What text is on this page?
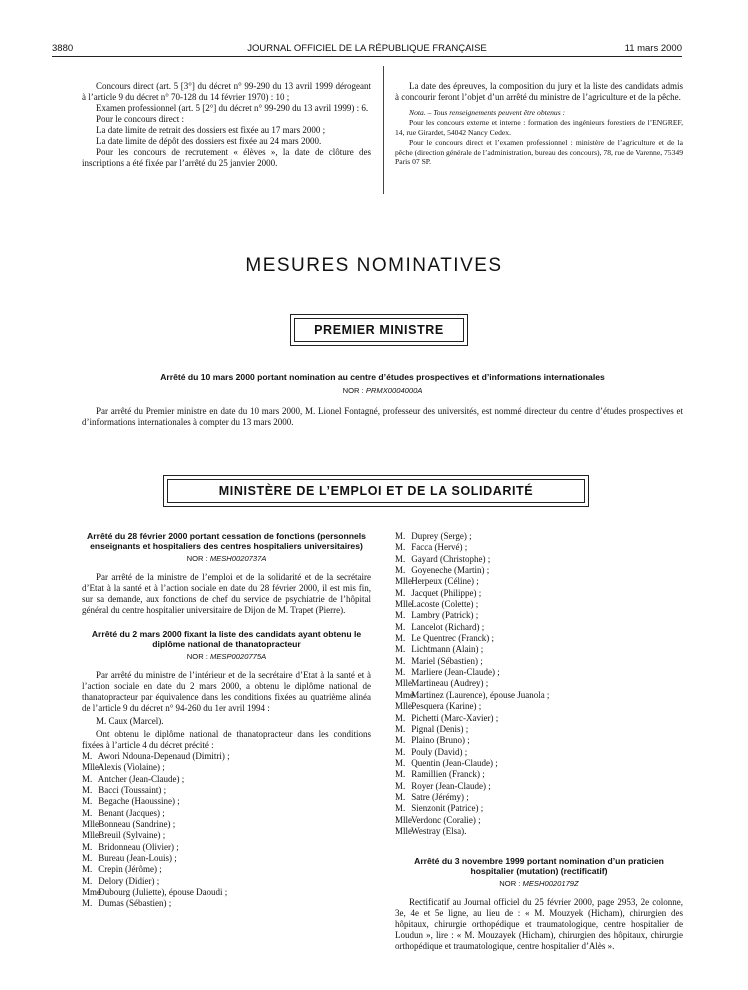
3880	JOURNAL OFFICIEL DE LA RÉPUBLIQUE FRANÇAISE	11 mars 2000

Concours direct (art. 5 [3°] du décret n° 99-290 du 13 avril 1999 dérogeant à l’article 9 du décret n° 70-128 du 14 février 1970) : 10 ;

Examen professionnel (art. 5 [2°] du décret n° 99-290 du 13 avril 1999) : 6.

Pour le concours direct :

La date limite de retrait des dossiers est fixée au 17 mars 2000 ;

La date limite de dépôt des dossiers est fixée au 24 mars 2000.

Pour les concours de recrutement « élèves », la date de clôture des inscriptions a été fixée par l’arrêté du 25 janvier 2000.

La date des épreuves, la composition du jury et la liste des candidats admis à concourir feront l’objet d’un arrêté du ministre de l’agriculture et de la pêche.

Nota. – Tous renseignements peuvent être obtenus :

Pour les concours externe et interne : formation des ingénieurs forestiers de l’ENGREF, 14, rue Girardet, 54042 Nancy Cedex.

Pour le concours direct et l’examen professionnel : ministère de l’agriculture et de la pêche (direction générale de l’administration, bureau des concours), 78, rue de Varenne, 75349 Paris 07 SP.

MESURES NOMINATIVES
PREMIER MINISTRE
Arrêté du 10 mars 2000 portant nomination au centre d’études prospectives et d’informations internationales
NOR : PRMX0004000A

Par arrêté du Premier ministre en date du 10 mars 2000, M. Lionel Fontagné, professeur des universités, est nommé directeur du centre d’études prospectives et d’informations internationales à compter du 13 mars 2000.

MINISTÈRE DE L’EMPLOI ET DE LA SOLIDARITÉ
Arrêté du 28 février 2000 portant cessation de fonctions (personnels enseignants et hospitaliers des centres hospitaliers universitaires)
NOR : MESH0020737A

Par arrêté de la ministre de l’emploi et de la solidarité et de la secrétaire d’Etat à la santé et à l’action sociale en date du 28 février 2000, il est mis fin, sur sa demande, aux fonctions de chef du service de psychiatrie de l’hôpital général du centre hospitalier universitaire de Dijon de M. Trapet (Pierre).

Arrêté du 2 mars 2000 fixant la liste des candidats ayant obtenu le diplôme national de thanatopracteur
NOR : MESP0020775A

Par arrêté du ministre de l’intérieur et de la secrétaire d’Etat à la santé et à l’action sociale en date du 2 mars 2000, a obtenu le diplôme national de thanatopracteur par équivalence dans les conditions fixées au quatrième alinéa de l’article 9 du décret n° 94-260 du 1er avril 1994 :

M. Caux (Marcel).

Ont obtenu le diplôme national de thanatopracteur dans les conditions fixées à l’article 4 du décret précité :

M. Awori Ndouna-Depenaud (Dimitri) ;
Mlle Alexis (Violaine) ;
M. Antcher (Jean-Claude) ;
M. Bacci (Toussaint) ;
M. Begache (Haoussine) ;
M. Benant (Jacques) ;
Mlle Bonneau (Sandrine) ;
Mlle Breuil (Sylvaine) ;
M. Bridonneau (Olivier) ;
M. Bureau (Jean-Louis) ;
M. Crepin (Jérôme) ;
M. Delory (Didier) ;
Mme Dubourg (Juliette), épouse Daoudi ;
M. Dumas (Sébastien) ;
M. Duprey (Serge) ;
M. Facca (Hervé) ;
M. Gayard (Christophe) ;
M. Goyeneche (Martin) ;
Mlle Herpeux (Céline) ;
M. Jacquet (Philippe) ;
Mlle Lacoste (Colette) ;
M. Lambry (Patrick) ;
M. Lancelot (Richard) ;
M. Le Quentrec (Franck) ;
M. Lichtmann (Alain) ;
M. Mariel (Sébastien) ;
M. Marliere (Jean-Claude) ;
Mlle Martineau (Audrey) ;
Mme Martinez (Laurence), épouse Juanola ;
Mlle Pesquera (Karine) ;
M. Pichetti (Marc-Xavier) ;
M. Pignal (Denis) ;
M. Plaino (Bruno) ;
M. Pouly (David) ;
M. Quentin (Jean-Claude) ;
M. Ramillien (Franck) ;
M. Royer (Jean-Claude) ;
M. Satre (Jérémy) ;
M. Sienzonit (Patrice) ;
Mlle Verdonc (Coralie) ;
Mlle Westray (Elsa).
Arrêté du 3 novembre 1999 portant nomination d’un praticien hospitalier (mutation) (rectificatif)
NOR : MESH0020179Z

Rectificatif au Journal officiel du 25 février 2000, page 2953, 2e colonne, 3e, 4e et 5e ligne, au lieu de : « M. Mouzyek (Hicham), chirurgien des hôpitaux, chirurgie orthopédique et traumatologique, centre hospitalier de Loudun », lire : « M. Mouzayek (Hicham), chirurgien des hôpitaux, chirurgie orthopédique et traumatologique, centre hospitalier d’Alès ».
